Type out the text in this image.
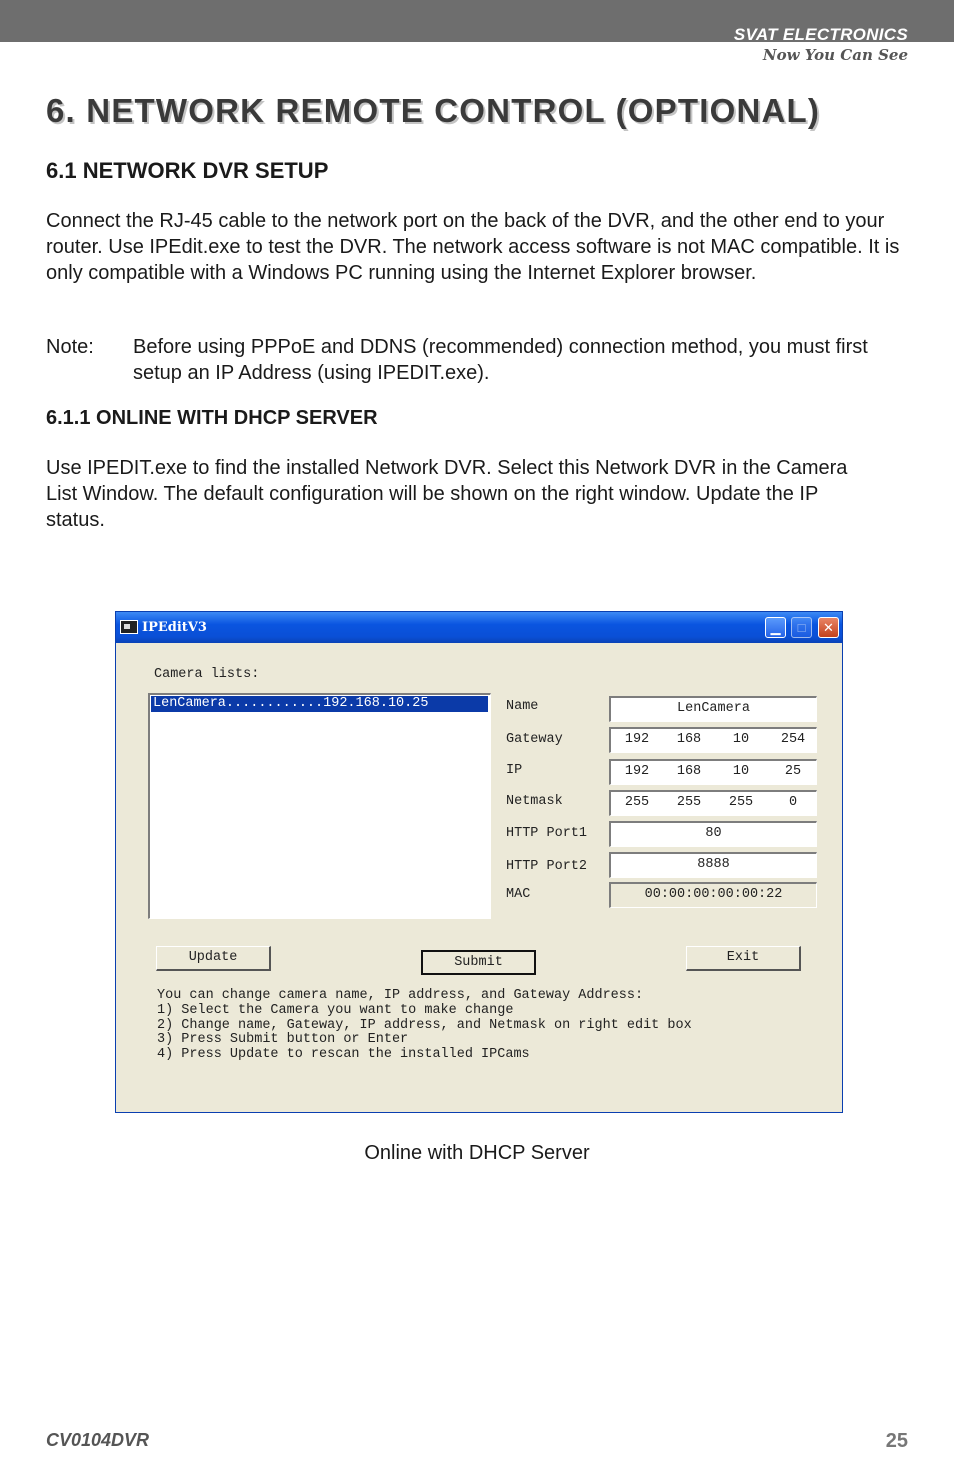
SVAT ELECTRONICS
Now You Can See
6. NETWORK REMOTE CONTROL (OPTIONAL)
6.1 NETWORK DVR SETUP
Connect the RJ-45 cable to the network port on the back of the DVR, and the other end to your router. Use IPEdit.exe to test the DVR. The network access software is not MAC compatible. It is only compatible with a Windows PC running using the Internet Explorer browser.
Note:	Before using PPPoE and DDNS (recommended) connection method, you must first setup an IP Address (using IPEDIT.exe).
6.1.1 ONLINE WITH DHCP SERVER
Use IPEDIT.exe to find the installed Network DVR. Select this Network DVR in the Camera List Window. The default configuration will be shown on the right window. Update the IP status.
IPEditV3	▁	□	✕
Camera lists:
LenCamera............192.168.10.25	Name	LenCamera
Gateway	192	168	10	254
IP	192	168	10	25
Netmask	255	255	255	0
HTTP Port1	80
HTTP Port2	8888
MAC	00:00:00:00:00:22
Update	Submit	Exit
You can change camera name, IP address, and Gateway Address:
1) Select the Camera you want to make change
2) Change name, Gateway, IP address, and Netmask on right edit box
3) Press Submit button or Enter
4) Press Update to rescan the installed IPCams
Online with DHCP Server
CV0104DVR	25
